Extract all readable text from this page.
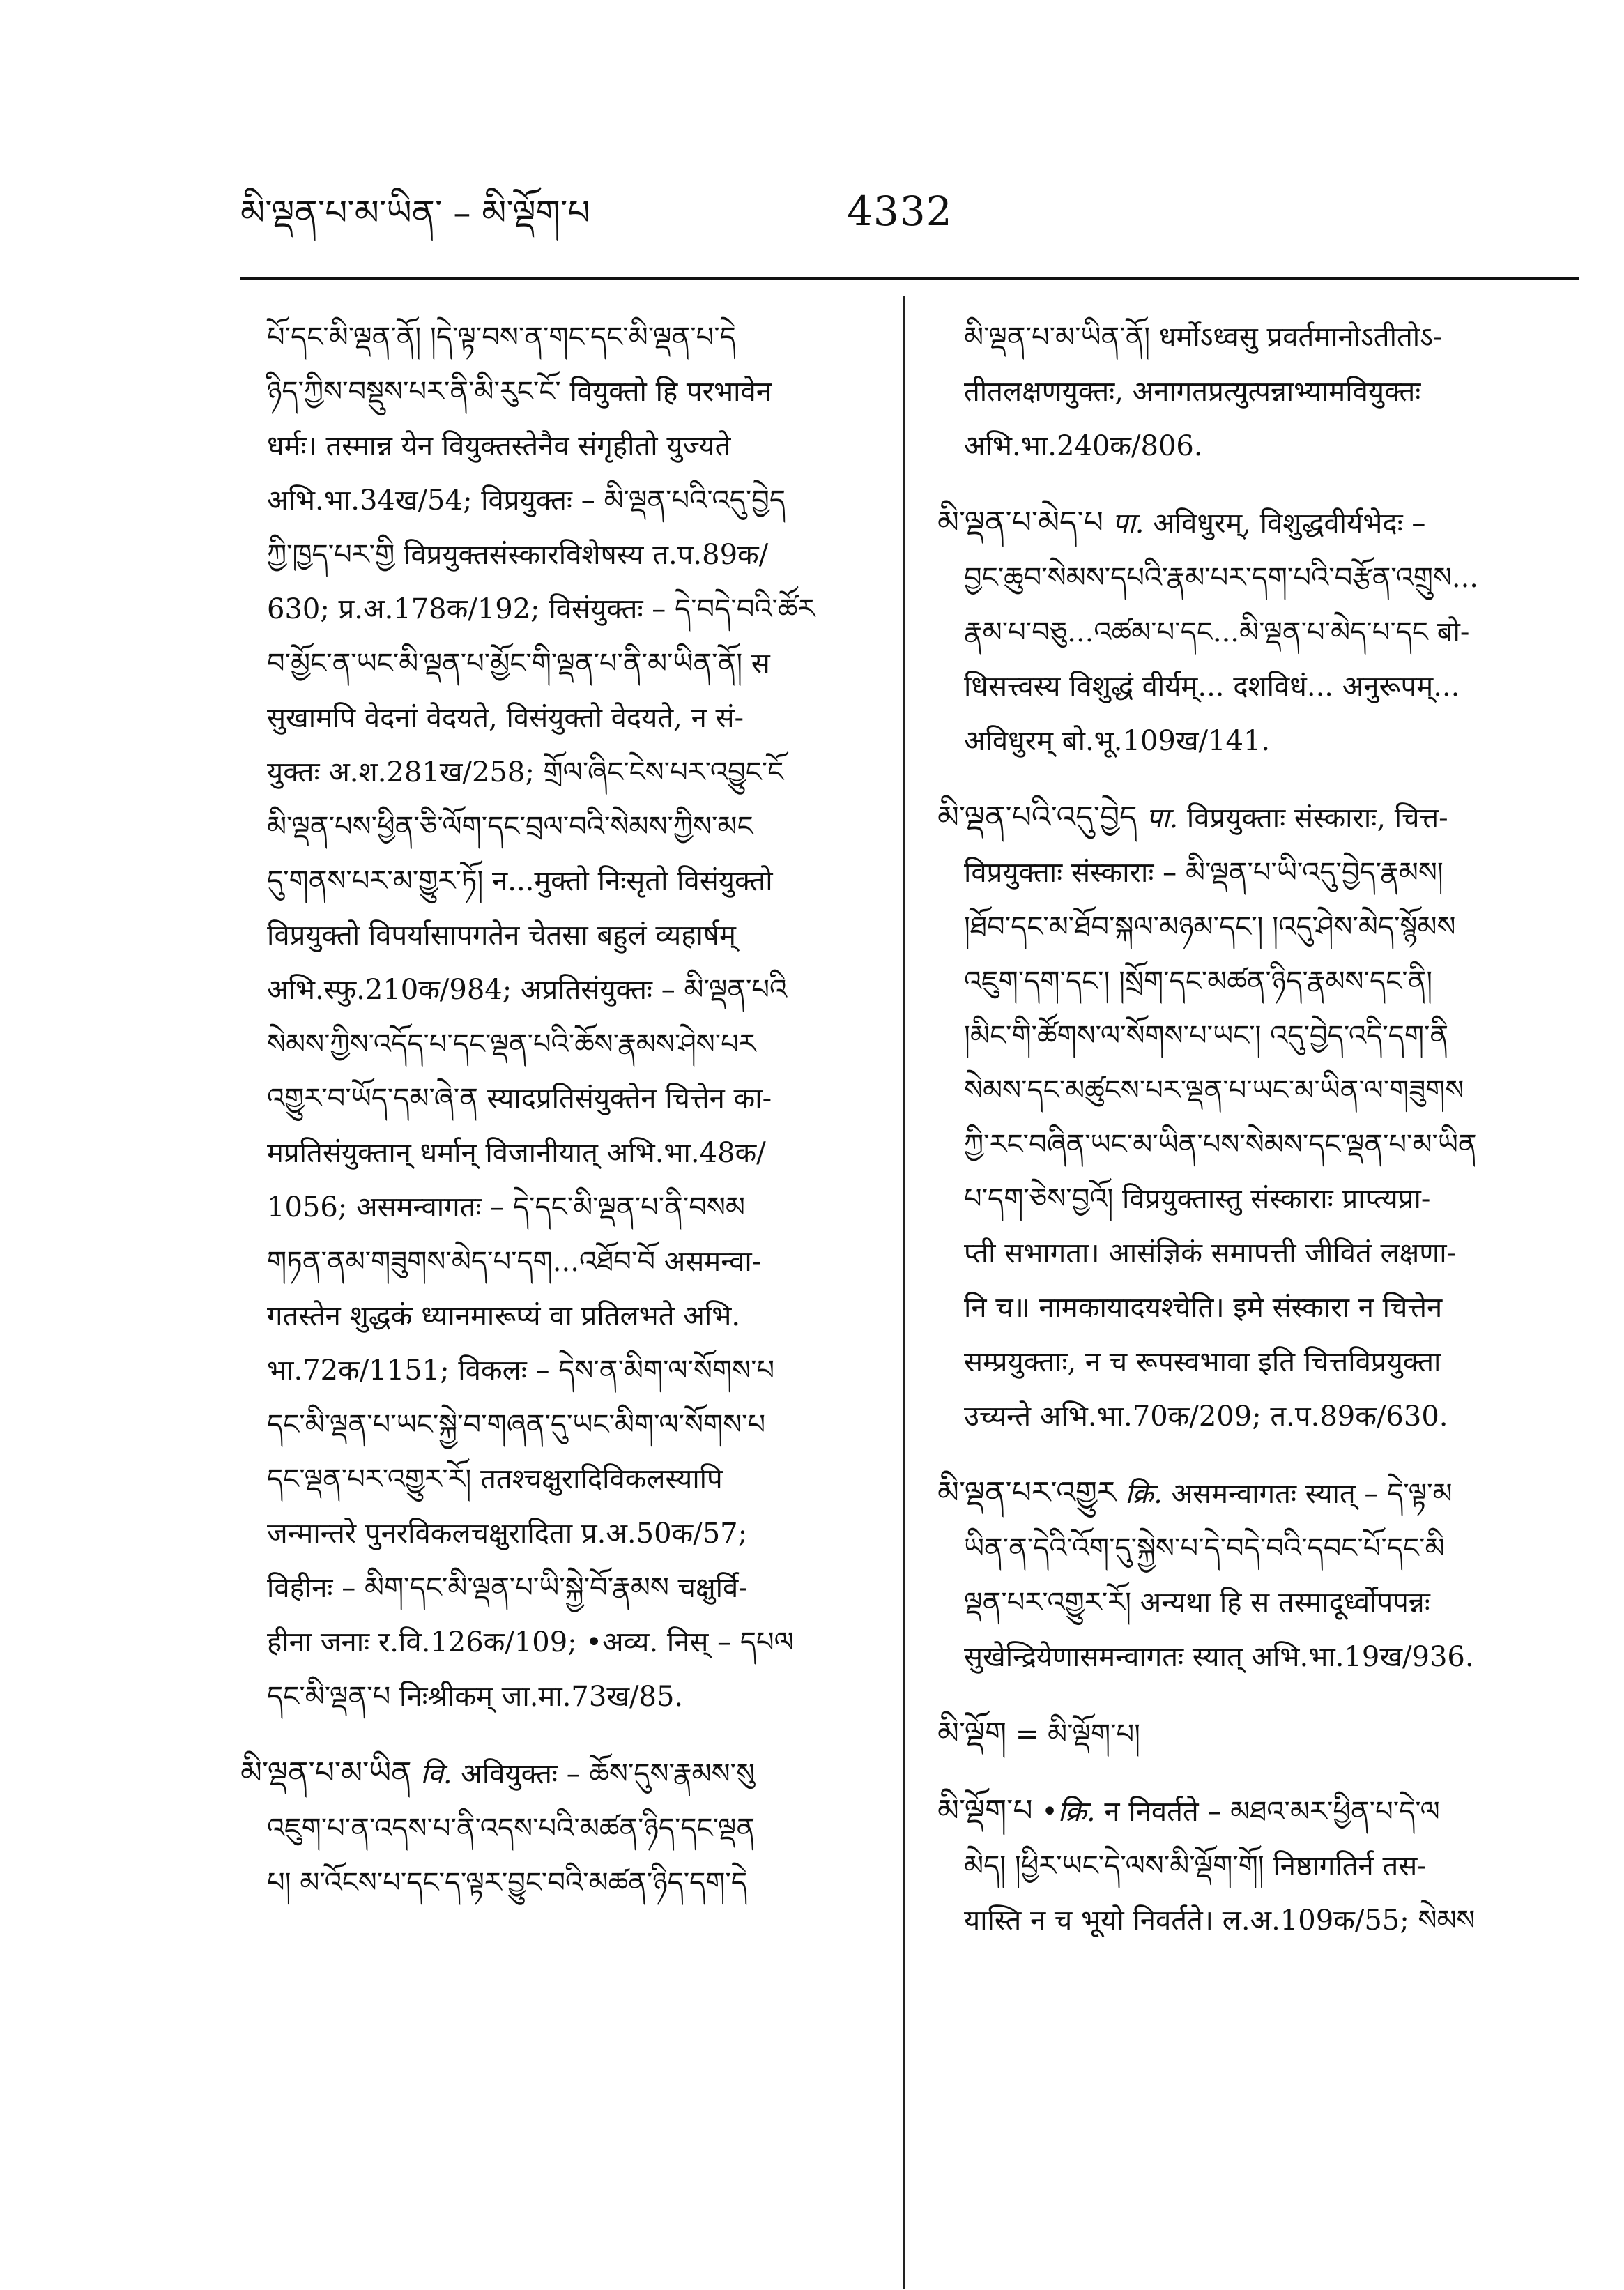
མི་ལྡན་པ་མ་ཡིན་ – མི་ལྡོག་པ	4332

པོ་དང་མི་ལྡན་ནོ། །དེ་ལྟ་བས་ན་གང་དང་མི་ལྡན་པ་དེ

ཉིད་ཀྱིས་བསྡུས་པར་ནི་མི་རུང་ངོ་ वियुक्तो हि परभावेन

धर्मः। तस्मान्न येन वियुक्तस्तेनैव संगृहीतो युज्यते

अभि.भा.34ख/54; विप्रयुक्तः – མི་ལྡན་པའི་འདུ་བྱེད

ཀྱི་ཁྱད་པར་གྱི विप्रयुक्तसंस्कारविशेषस्य त.प.89क/

630; प्र.अ.178क/192; विसंयुक्तः – དེ་བདེ་བའི་ཚོར

བ་མྱོང་ན་ཡང་མི་ལྡན་པ་མྱོང་གི་ལྡན་པ་ནི་མ་ཡིན་ནོ། स

सुखामपि वेदनां वेदयते, विसंयुक्तो वेदयते, न सं-

युक्तः अ.श.281ख/258; གྲོལ་ཞིང་ངེས་པར་འབྱུང་ངོ

མི་ལྡན་པས་ཕྱིན་ཅི་ལོག་དང་བྲལ་བའི་སེམས་ཀྱིས་མང

དུ་གནས་པར་མ་གྱུར་ཏོ། न...मुक्तो निःसृतो विसंयुक्तो

विप्रयुक्तो विपर्यासापगतेन चेतसा बहुलं व्यहार्षम्

अभि.स्फु.210क/984; अप्रतिसंयुक्तः – མི་ལྡན་པའི

སེམས་ཀྱིས་འདོད་པ་དང་ལྡན་པའི་ཆོས་རྣམས་ཤེས་པར

འགྱུར་བ་ཡོད་དམ་ཞེ་ན स्यादप्रतिसंयुक्तेन चित्तेन का-

मप्रतिसंयुक्तान् धर्मान् विजानीयात् अभि.भा.48क/

1056; असमन्वागतः – དེ་དང་མི་ལྡན་པ་ནི་བསམ

གཏན་ནམ་གཟུགས་མེད་པ་དག...འཐོབ་བོ असमन्वा-

गतस्तेन शुद्धकं ध्यानमारूप्यं वा प्रतिलभते अभि.

भा.72क/1151; विकलः – དེས་ན་མིག་ལ་སོགས་པ

དང་མི་ལྡན་པ་ཡང་སྐྱེ་བ་གཞན་དུ་ཡང་མིག་ལ་སོགས་པ

དང་ལྡན་པར་འགྱུར་རོ། ततश्चक्षुरादिविकलस्यापि

जन्मान्तरे पुनरविकलचक्षुरादिता प्र.अ.50क/57;

विहीनः – མིག་དང་མི་ལྡན་པ་ཡི་སྐྱེ་བོ་རྣམས चक्षुर्वि-

हीना जनाः र.वि.126क/109; •अव्य. निस् – དཔལ

དང་མི་ལྡན་པ निःश्रीकम् जा.मा.73ख/85.

མི་ལྡན་པ་མ་ཡིན वि. अवियुक्तः – ཆོས་དུས་རྣམས་སུ

འཇུག་པ་ན་འདས་པ་ནི་འདས་པའི་མཚན་ཉིད་དང་ལྡན

པ། མ་འོངས་པ་དང་ད་ལྟར་བྱུང་བའི་མཚན་ཉིད་དག་དེ

མི་ལྡན་པ་མ་ཡིན་ནོ། धर्मोऽध्वसु प्रवर्तमानोऽतीतोऽ-

तीतलक्षणयुक्तः, अनागतप्रत्युत्पन्नाभ्यामवियुक्तः

अभि.भा.240क/806.

མི་ལྡན་པ་མེད་པ पा. अविधुरम्, विशुद्धवीर्यभेदः –

བྱང་ཆུབ་སེམས་དཔའི་རྣམ་པར་དག་པའི་བརྩོན་འགྲུས...

རྣམ་པ་བཅུ...འཚམ་པ་དང...མི་ལྡན་པ་མེད་པ་དང बो-

धिसत्त्वस्य विशुद्धं वीर्यम्... दशविधं... अनुरूपम्...

अविधुरम् बो.भू.109ख/141.

མི་ལྡན་པའི་འདུ་བྱེད पा. विप्रयुक्ताः संस्काराः, चित्त-

विप्रयुक्ताः संस्काराः – མི་ལྡན་པ་ཡི་འདུ་བྱེད་རྣམས།

།ཐོབ་དང་མ་ཐོབ་སྐལ་མཉམ་དང་། །འདུ་ཤེས་མེད་སྙོམས

འཇུག་དག་དང་། །སྲོག་དང་མཚན་ཉིད་རྣམས་དང་ནི།

།མིང་གི་ཚོགས་ལ་སོགས་པ་ཡང་། འདུ་བྱེད་འདི་དག་ནི

སེམས་དང་མཚུངས་པར་ལྡན་པ་ཡང་མ་ཡིན་ལ་གཟུགས

ཀྱི་རང་བཞིན་ཡང་མ་ཡིན་པས་སེམས་དང་ལྡན་པ་མ་ཡིན

པ་དག་ཅེས་བྱའོ། विप्रयुक्तास्तु संस्काराः प्राप्त्यप्रा-

प्ती सभागता। आसंज्ञिकं समापत्ती जीवितं लक्षणा-

नि च॥ नामकायादयश्चेति। इमे संस्कारा न चित्तेन

सम्प्रयुक्ताः, न च रूपस्वभावा इति चित्तविप्रयुक्ता

उच्यन्ते अभि.भा.70क/209; त.प.89क/630.

མི་ལྡན་པར་འགྱུར क्रि. असमन्वागतः स्यात् – དེ་ལྟ་མ

ཡིན་ན་དེའི་འོག་དུ་སྐྱེས་པ་དེ་བདེ་བའི་དབང་པོ་དང་མི

ལྡན་པར་འགྱུར་རོ། अन्यथा हि स तस्मादूर्ध्वोपपन्नः

सुखेन्द्रियेणासमन्वागतः स्यात् अभि.भा.19ख/936.

མི་ལྡོག = མི་ལྡོག་པ།

མི་ལྡོག་པ •क्रि. न निवर्तते – མཐའ་མར་ཕྱིན་པ་དེ་ལ

མེད། །ཕྱིར་ཡང་དེ་ལས་མི་ལྡོག་གོ། निष्ठागतिर्न तस-

यास्ति न च भूयो निवर्तते। ल.अ.109क/55; སེམས
